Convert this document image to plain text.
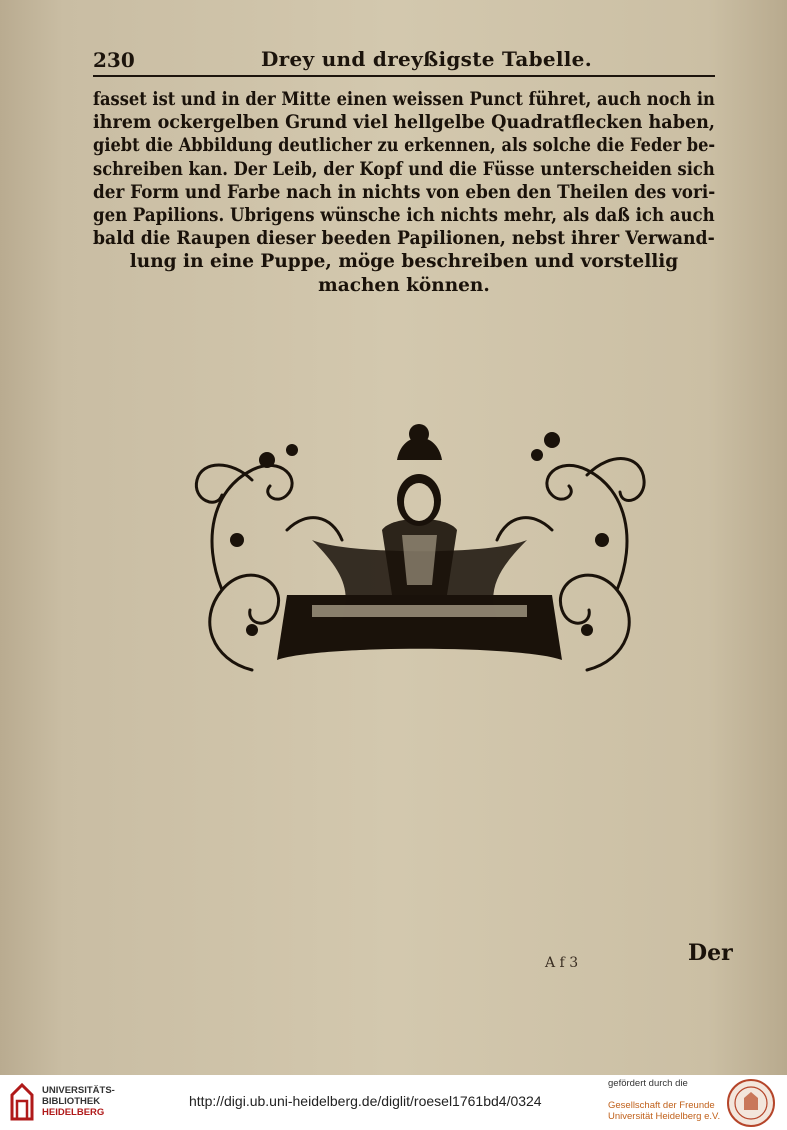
230	Drey und dreyßigste Tabelle.
fasset ist und in der Mitte einen weissen Punct führet, auch noch in
ihrem ockergelben Grund viel hellgelbe Quadratflecken haben,
giebt die Abbildung deutlicher zu erkennen, als solche die Feder be-
schreiben kan. Der Leib, der Kopf und die Füsse unterscheiden sich
der Form und Farbe nach in nichts von eben den Theilen des vori-
gen Papilions. Ubrigens wünsche ich nichts mehr, als daß ich auch
bald die Raupen dieser beeden Papilionen, nebst ihrer Verwand-
lung in eine Puppe, möge beschreiben und vorstellig
machen können.
A f 3	Der
UNIVERSITÄTS-
BIBLIOTHEK
HEIDELBERG
http://digi.ub.uni-heidelberg.de/diglit/roesel1761bd4/0324
gefördert durch die

Gesellschaft der Freunde
Universität Heidelberg e.V.
